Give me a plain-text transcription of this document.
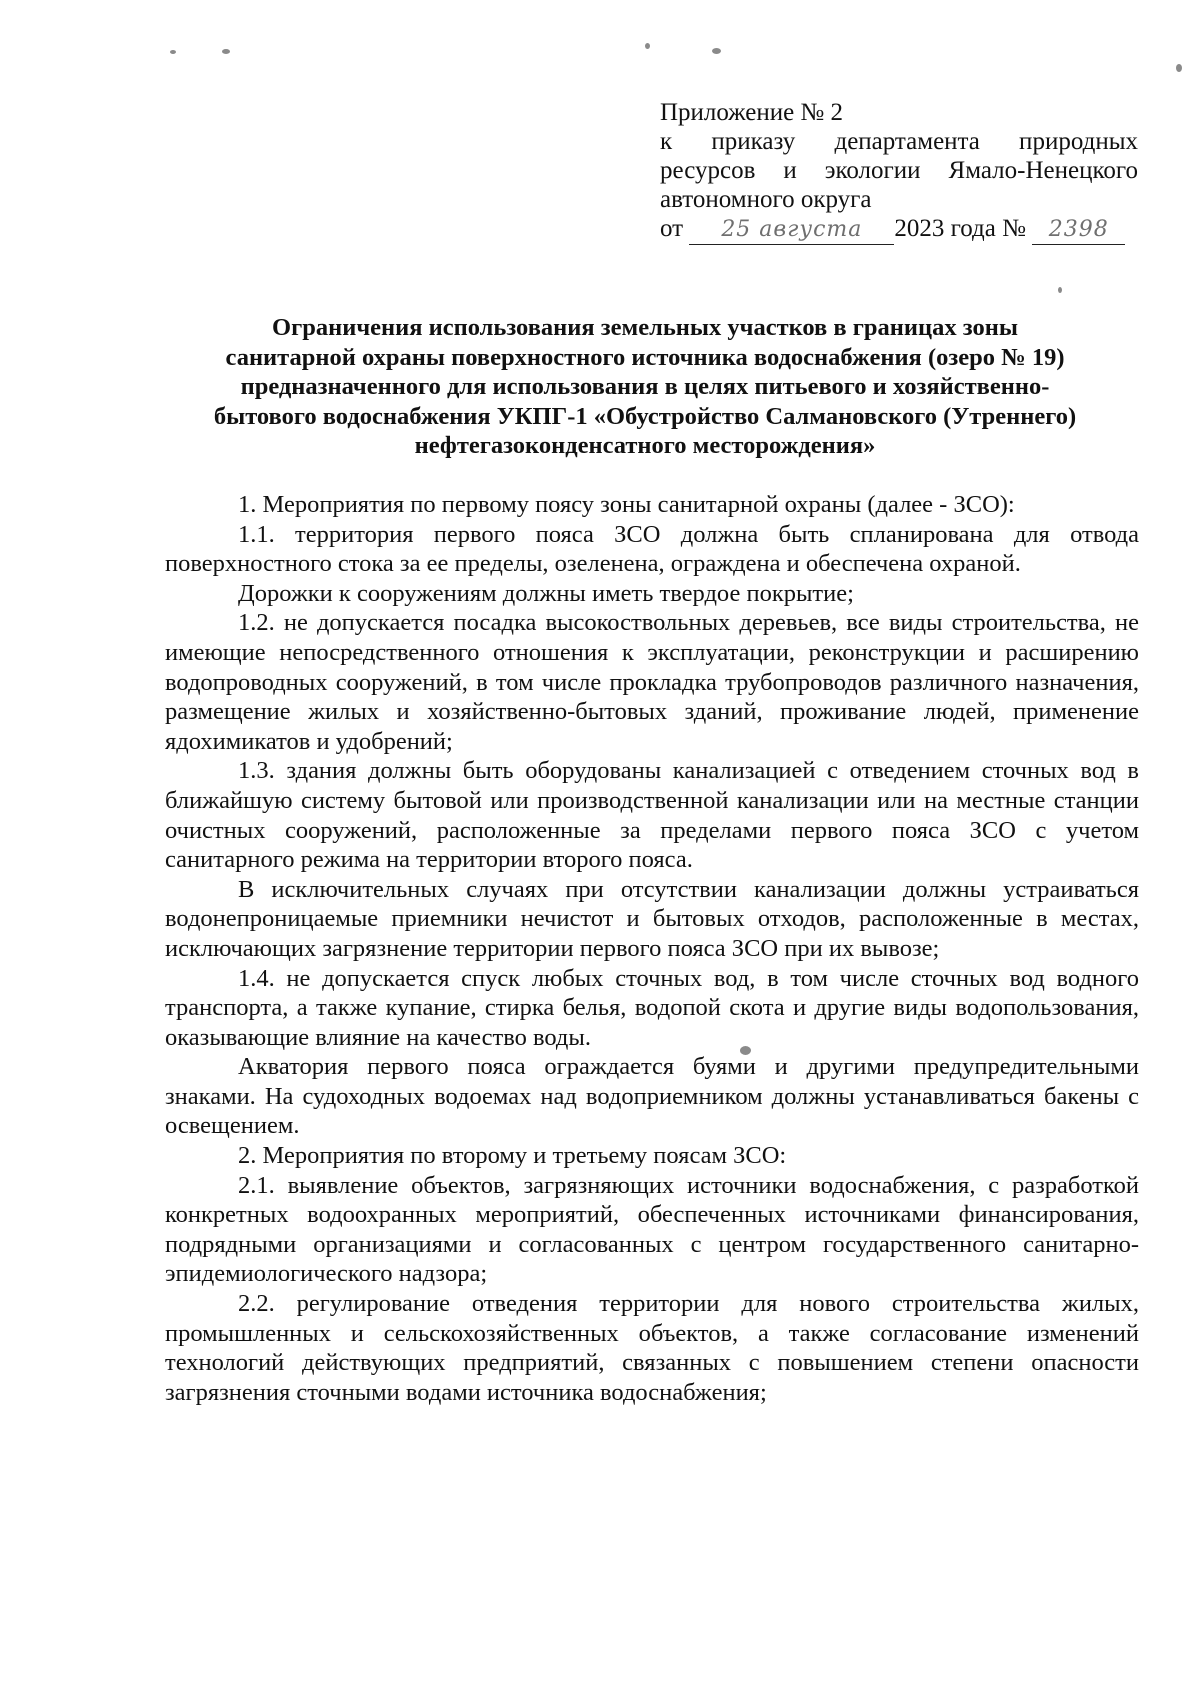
Приложение № 2
к приказу департамента природных ресурсов и экологии Ямало-Ненецкого автономного округа
от 25 августа 2023 года № 2398
Ограничения использования земельных участков в границах зоны
санитарной охраны поверхностного источника водоснабжения (озеро № 19)
предназначенного для использования в целях питьевого и хозяйственно-
бытового водоснабжения УКПГ-1 «Обустройство Салмановского (Утреннего)
нефтегазоконденсатного месторождения»

1. Мероприятия по первому поясу зоны санитарной охраны (далее - ЗСО):

1.1. территория первого пояса ЗСО должна быть спланирована для отвода поверхностного стока за ее пределы, озеленена, ограждена и обеспечена охраной.

Дорожки к сооружениям должны иметь твердое покрытие;

1.2. не допускается посадка высокоствольных деревьев, все виды строительства, не имеющие непосредственного отношения к эксплуатации, реконструкции и расширению водопроводных сооружений, в том числе прокладка трубопроводов различного назначения, размещение жилых и хозяйственно-бытовых зданий, проживание людей, применение ядохимикатов и удобрений;

1.3. здания должны быть оборудованы канализацией с отведением сточных вод в ближайшую систему бытовой или производственной канализации или на местные станции очистных сооружений, расположенные за пределами первого пояса ЗСО с учетом санитарного режима на территории второго пояса.

В исключительных случаях при отсутствии канализации должны устраиваться водонепроницаемые приемники нечистот и бытовых отходов, расположенные в местах, исключающих загрязнение территории первого пояса ЗСО при их вывозе;

1.4. не допускается спуск любых сточных вод, в том числе сточных вод водного транспорта, а также купание, стирка белья, водопой скота и другие виды водопользования, оказывающие влияние на качество воды.

Акватория первого пояса ограждается буями и другими предупредительными знаками. На судоходных водоемах над водоприемником должны устанавливаться бакены с освещением.

2. Мероприятия по второму и третьему поясам ЗСО:

2.1. выявление объектов, загрязняющих источники водоснабжения, с разработкой конкретных водоохранных мероприятий, обеспеченных источниками финансирования, подрядными организациями и согласованных с центром государственного санитарно-эпидемиологического надзора;

2.2. регулирование отведения территории для нового строительства жилых, промышленных и сельскохозяйственных объектов, а также согласование изменений технологий действующих предприятий, связанных с повышением степени опасности загрязнения сточными водами источника водоснабжения;
